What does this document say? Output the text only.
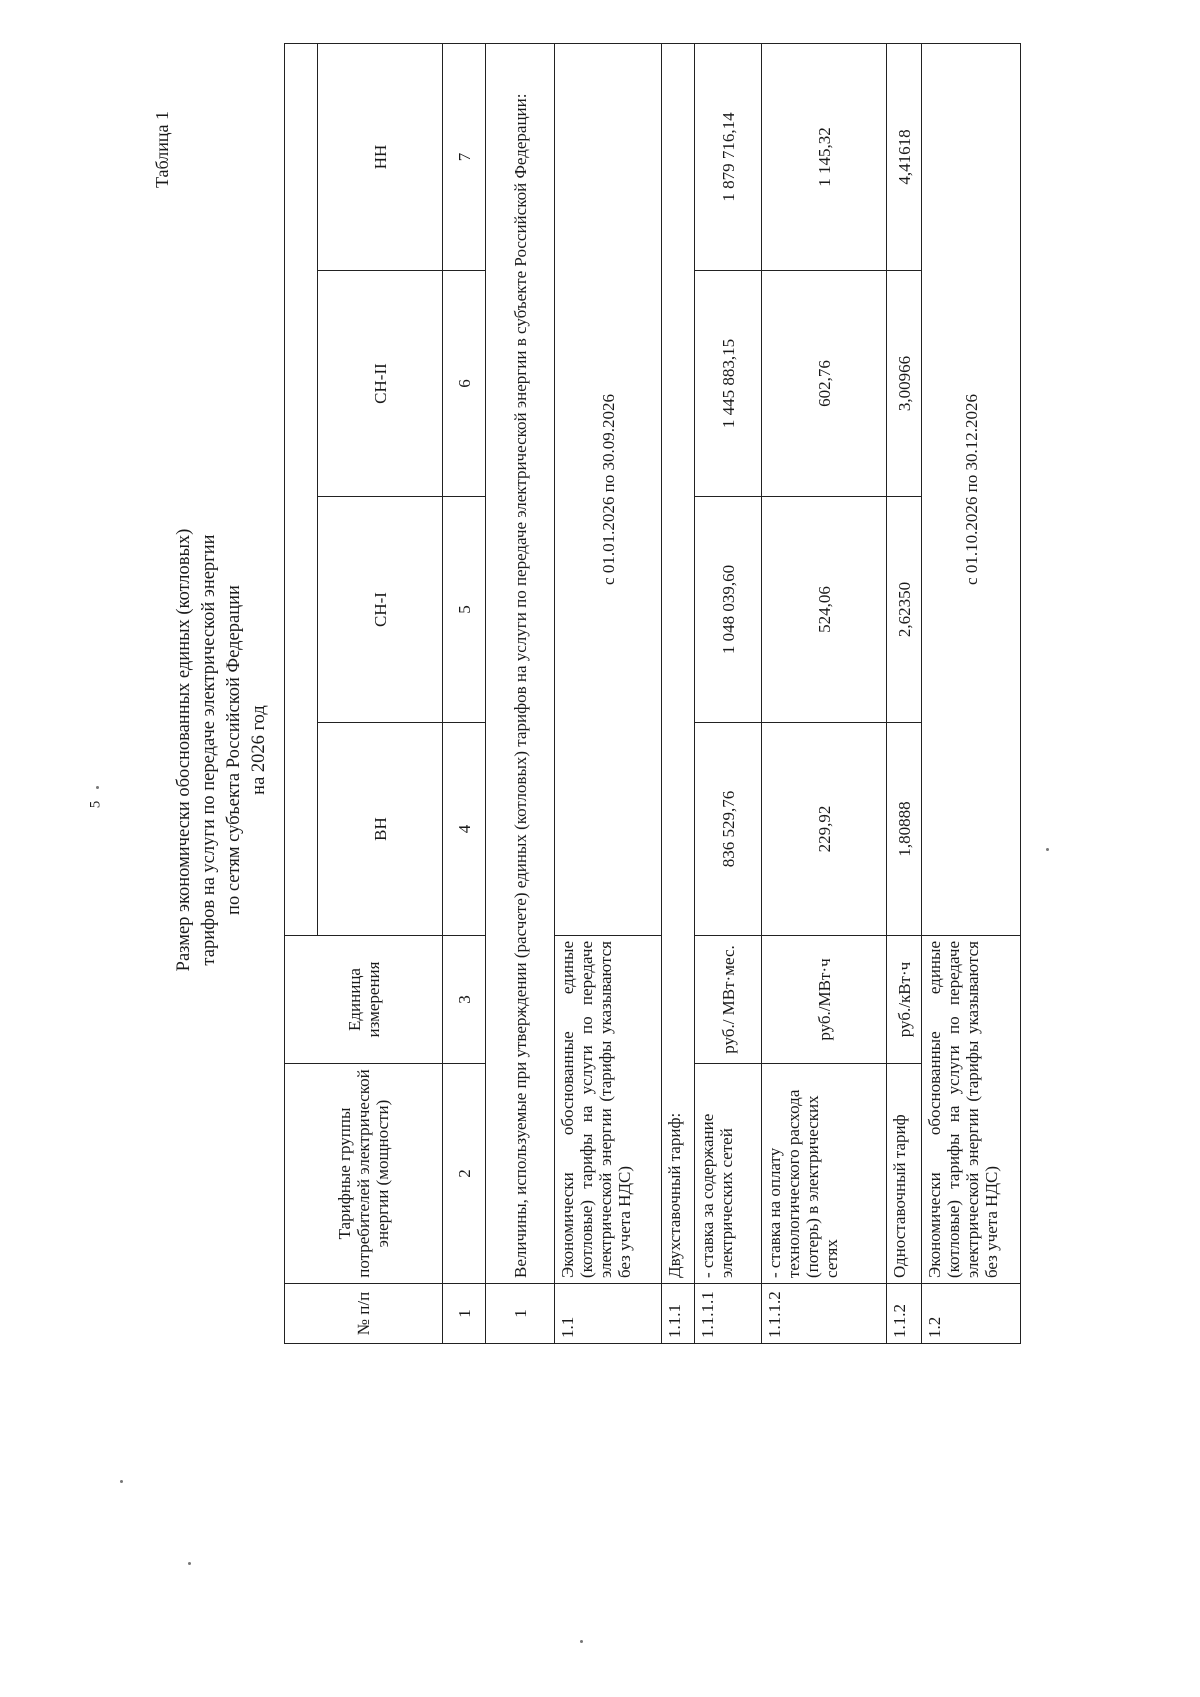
5
Таблица 1
Размер экономически обоснованных единых (котловых) тарифов на услуги по передаче электрической энергии по сетям субъекта Российской Федерации на 2026 год
№ п/п	Тарифные группы потребителей электрической энергии (мощности)	Единица измерения				
			ВН	СН-I	СН-II	НН
1	2	3	4	5	6	7
1	Величины, используемые при утверждении (расчете) единых (котловых) тарифов на услуги по передаче электрической энергии в субъекте Российской Федерации:					
1.1	Экономически обоснованные единые (котловые) тарифы на услуги по передаче электрической энергии (тарифы указываются без учета НДС)		с 01.01.2026 по 30.09.2026			
1.1.1	Двухставочный тариф:					
1.1.1.1	- ставка за содержание электрических сетей	руб./ МВт·мес.	836 529,76	1 048 039,60	1 445 883,15	1 879 716,14
1.1.1.2	- ставка на оплату технологического расхода (потерь) в электрических сетях	руб./МВт·ч	229,92	524,06	602,76	1 145,32
1.1.2	Одноставочный тариф	руб./кВт·ч	1,80888	2,62350	3,00966	4,41618
1.2	Экономически обоснованные единые (котловые) тарифы на услуги по передаче электрической энергии (тарифы указываются без учета НДС)		с 01.10.2026 по 30.12.2026			
